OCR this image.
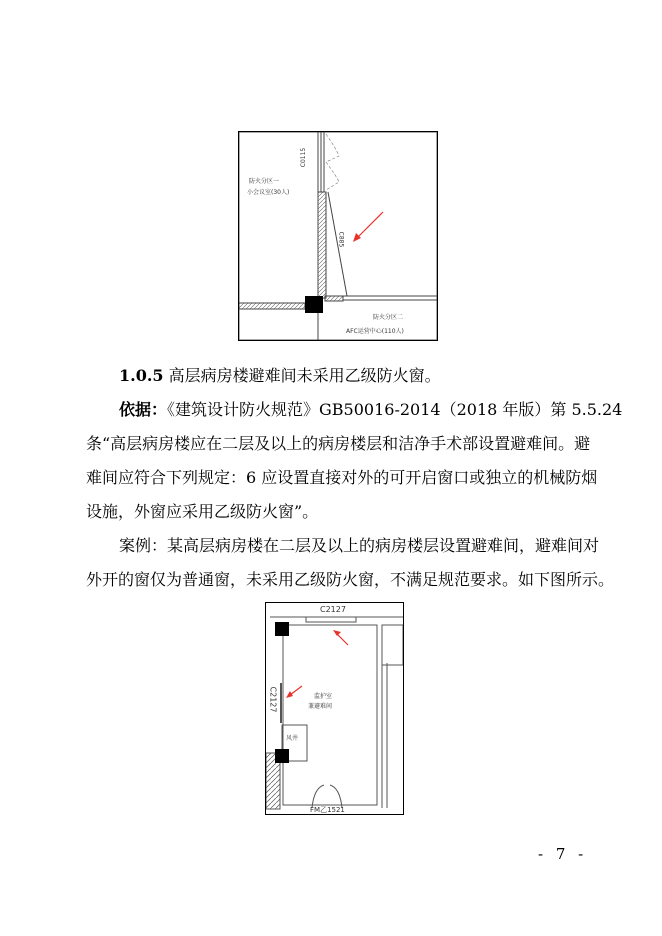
防火分区一
小会议室(30人)
C0115
C885
防火分区二
AFC运营中心(110人)
1.0.5 高层病房楼避难间未采用乙级防火窗。
依据：《建筑设计防火规范》GB50016-2014（2018 年版）第 5.5.24
条“高层病房楼应在二层及以上的病房楼层和洁净手术部设置避难间。避
难间应符合下列规定：6 应设置直接对外的可开启窗口或独立的机械防烟
设施，外窗应采用乙级防火窗”。
案例：某高层病房楼在二层及以上的病房楼层设置避难间，避难间对
外开的窗仅为普通窗，未采用乙级防火窗，不满足规范要求。如下图所示。
C2127
C2127	监护室
兼避难间
风井
FM乙1521
- 7 -
